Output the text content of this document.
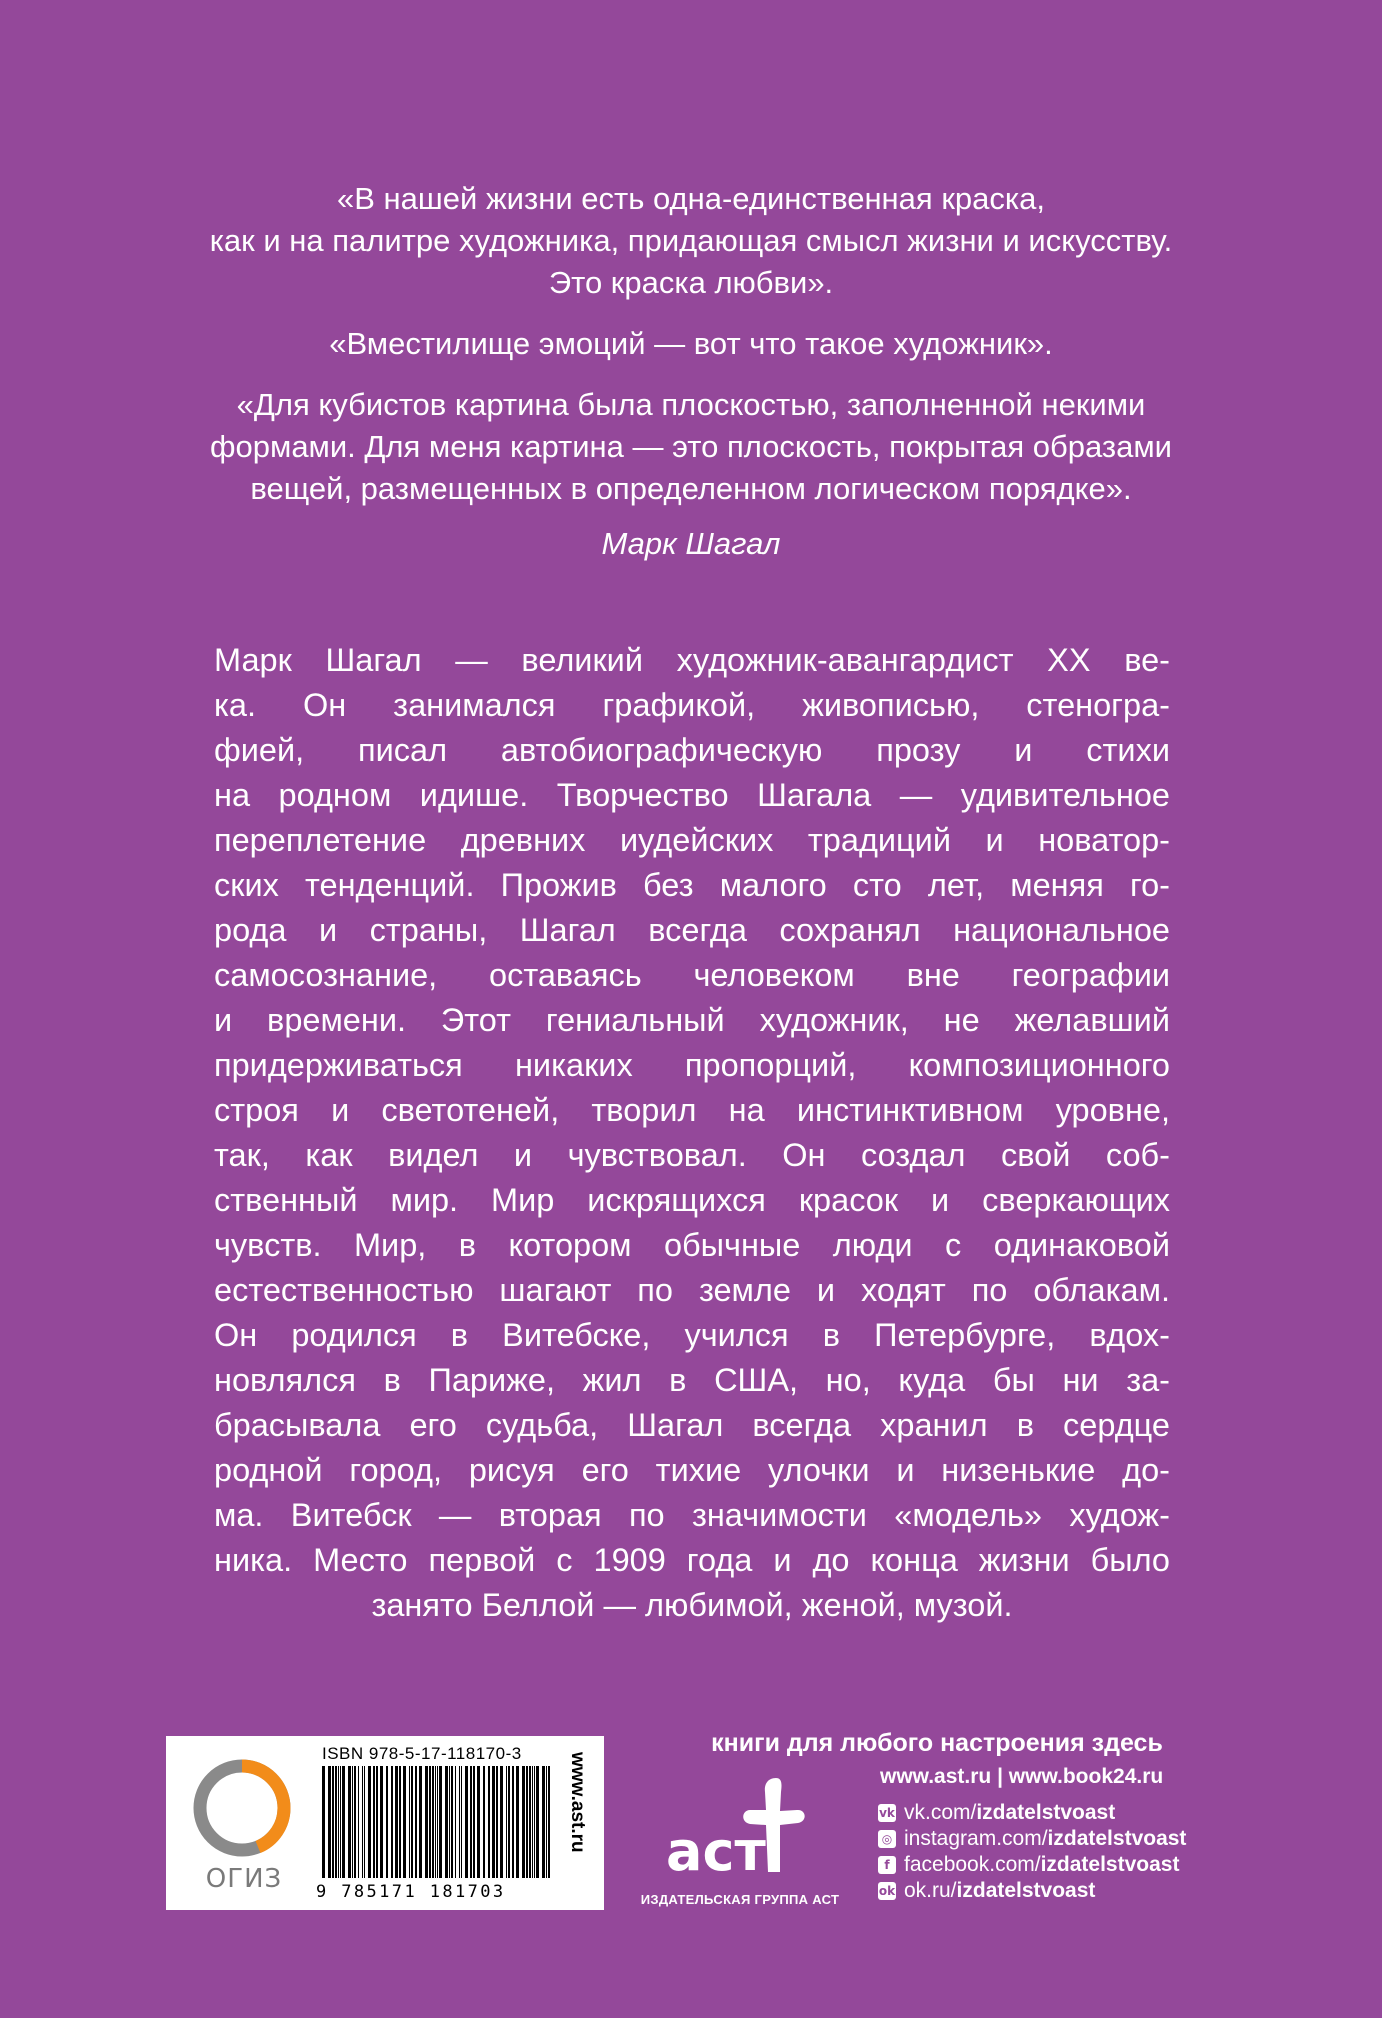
«В нашей жизни есть одна-единственная краска,
как и на палитре художника, придающая смысл жизни и искусству.
Это краска любви».

«Вместилище эмоций — вот что такое художник».

«Для кубистов картина была плоскостью, заполненной некими
формами. Для меня картина — это плоскость, покрытая образами
вещей, размещенных в определенном логическом порядке».

Марк Шагал

Марк Шагал — великий художник-авангардист ХХ ве-
ка. Он занимался графикой, живописью, стеногра-
фией, писал автобиографическую прозу и стихи
на родном идише. Творчество Шагала — удивительное
переплетение древних иудейских традиций и новатор-
ских тенденций. Прожив без малого сто лет, меняя го-
рода и страны, Шагал всегда сохранял национальное
самосознание, оставаясь человеком вне географии
и времени. Этот гениальный художник, не желавший
придерживаться никаких пропорций, композиционного
строя и светотеней, творил на инстинктивном уровне,
так, как видел и чувствовал. Он создал свой соб-
ственный мир. Мир искрящихся красок и сверкающих
чувств. Мир, в котором обычные люди с одинаковой
естественностью шагают по земле и ходят по облакам.
Он родился в Витебске, учился в Петербурге, вдох-
новлялся в Париже, жил в США, но, куда бы ни за-
брасывала его судьба, Шагал всегда хранил в сердце
родной город, рисуя его тихие улочки и низенькие до-
ма. Витебск — вторая по значимости «модель» худож-
ника. Место первой с 1909 года и до конца жизни было
занято Беллой — любимой, женой, музой.
ОГИЗ
ISBN 978-5-17-118170-3
9 785171 181703
www.ast.ru
книги для любого настроения здесь
www.ast.ru | www.book24.ru
аст
ИЗДАТЕЛЬСКАЯ ГРУППА АСТ
vk vk.com/ izdatelstvoast
◎ instagram.com/ izdatelstvoast
f facebook.com/ izdatelstvoast
ok ok.ru/ izdatelstvoast
